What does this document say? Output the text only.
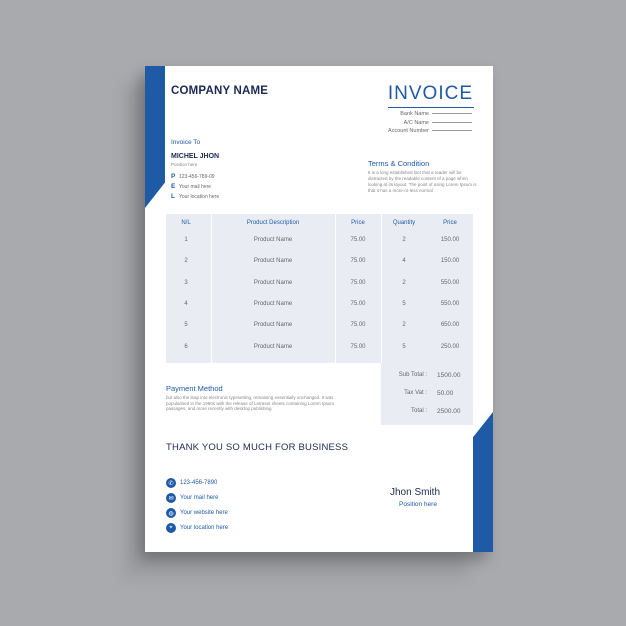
COMPANY NAME	INVOICE
Bank Name
A/C Name
Account Number
Invoice To
MICHEL JHON
Position here
P 123-456-789-09
E Your mail here
L Your location here
Terms & Condition
It is a long established fact that a reader will be distracted by the readable content of a page when looking at its layout. The point of using Lorem Ipsum is that it has a more-or-less normal
N/L	Product Description	Price	Quantity	Price
1	Product Name	75.00	2	150.00
2	Product Name	75.00	4	150.00
3	Product Name	75.00	2	550.00
4	Product Name	75.00	5	550.00
5	Product Name	75.00	2	650.00
6	Product Name	75.00	5	250.00
Sub Total : 1500.00
Tax Vat : 50.00
Total : 2500.00
Payment Method
but also the leap into electronic typesetting, remaining essentially unchanged. It was popularised in the 1960s with the release of Letraset sheets containing Lorem Ipsum passages, and more recently with desktop publishing
THANK YOU SO MUCH FOR BUSINESS
✆	123-456-7890
✉	Your mail here
◍	Your website here
⌖	Your location here
Jhon Smith
Position here
